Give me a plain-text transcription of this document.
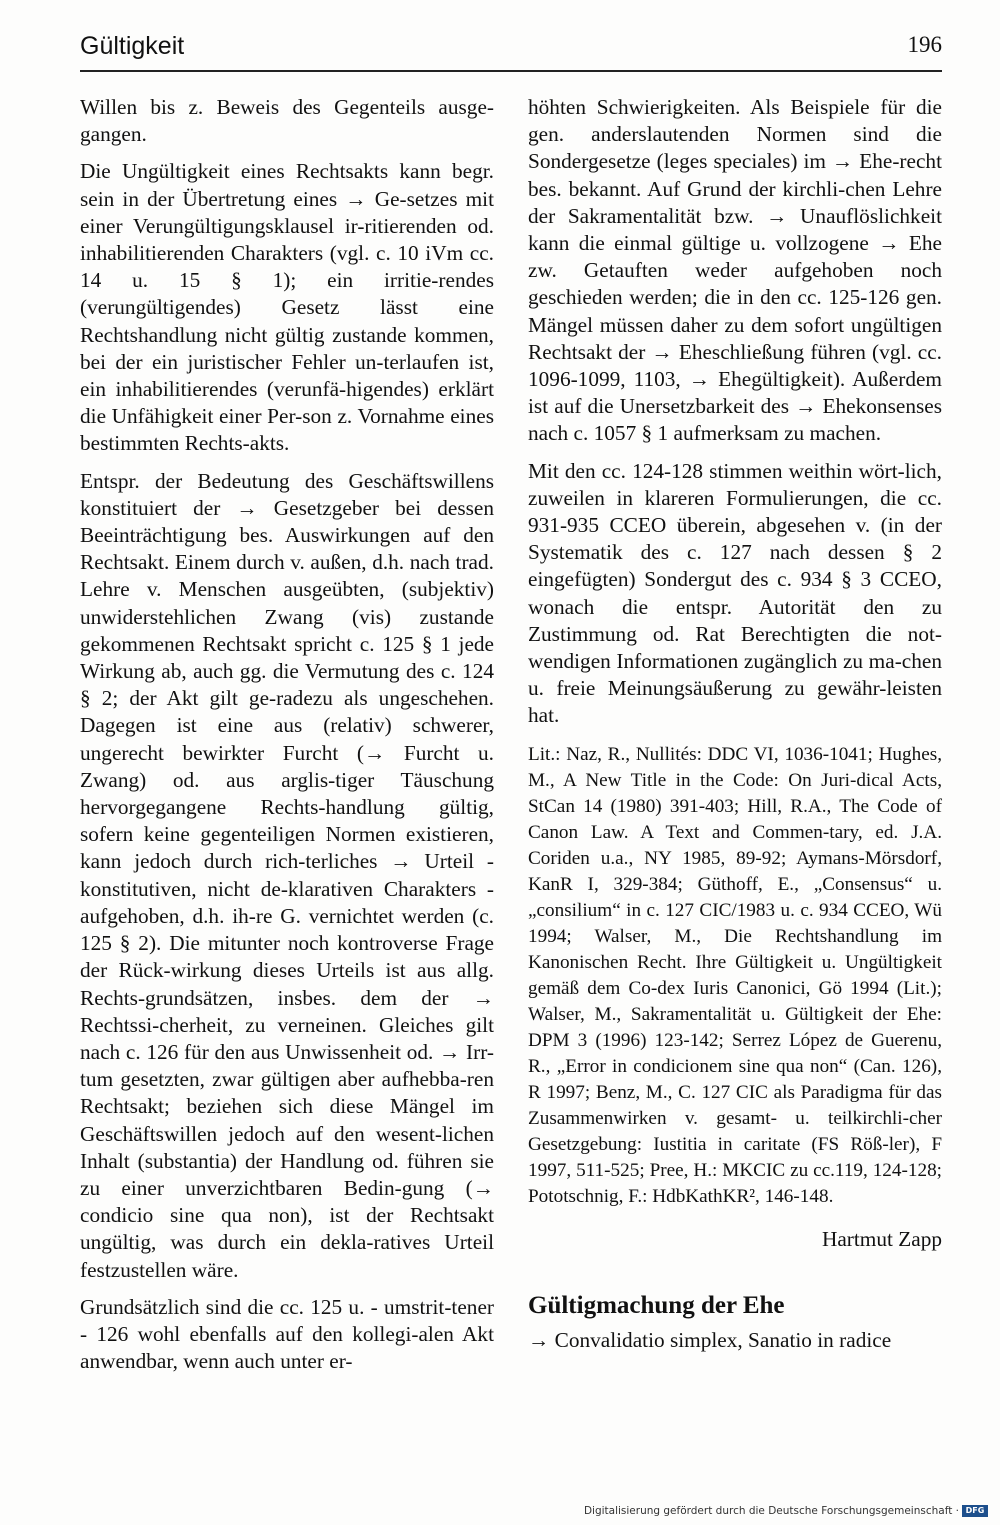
Gültigkeit	196

Willen bis z. Beweis des Gegenteils ausge-gangen.

Die Ungültigkeit eines Rechtsakts kann begr. sein in der Übertretung eines → Ge-setzes mit einer Verungültigungsklausel ir-ritierenden od. inhabilitierenden Charakters (vgl. c. 10 iVm cc. 14 u. 15 § 1); ein irritie-rendes (verungültigendes) Gesetz lässt eine Rechtshandlung nicht gültig zustande kommen, bei der ein juristischer Fehler un-terlaufen ist, ein inhabilitierendes (verunfä-higendes) erklärt die Unfähigkeit einer Per-son z. Vornahme eines bestimmten Rechts-akts.

Entspr. der Bedeutung des Geschäftswillens konstituiert der → Gesetzgeber bei dessen Beeinträchtigung bes. Auswirkungen auf den Rechtsakt. Einem durch v. außen, d.h. nach trad. Lehre v. Menschen ausgeübten, (subjektiv) unwiderstehlichen Zwang (vis) zustande gekommenen Rechtsakt spricht c. 125 § 1 jede Wirkung ab, auch gg. die Vermutung des c. 124 § 2; der Akt gilt ge-radezu als ungeschehen. Dagegen ist eine aus (relativ) schwerer, ungerecht bewirkter Furcht (→ Furcht u. Zwang) od. aus arglis-tiger Täuschung hervorgegangene Rechts-handlung gültig, sofern keine gegenteiligen Normen existieren, kann jedoch durch rich-terliches → Urteil - konstitutiven, nicht de-klarativen Charakters - aufgehoben, d.h. ih-re G. vernichtet werden (c. 125 § 2). Die mitunter noch kontroverse Frage der Rück-wirkung dieses Urteils ist aus allg. Rechts-grundsätzen, insbes. dem der → Rechtssi-cherheit, zu verneinen. Gleiches gilt nach c. 126 für den aus Unwissenheit od. → Irr-tum gesetzten, zwar gültigen aber aufhebba-ren Rechtsakt; beziehen sich diese Mängel im Geschäftswillen jedoch auf den wesent-lichen Inhalt (substantia) der Handlung od. führen sie zu einer unverzichtbaren Bedin-gung (→ condicio sine qua non), ist der Rechtsakt ungültig, was durch ein dekla-ratives Urteil festzustellen wäre.

Grundsätzlich sind die cc. 125 u. - umstrit-tener - 126 wohl ebenfalls auf den kollegi-alen Akt anwendbar, wenn auch unter er-

höhten Schwierigkeiten. Als Beispiele für die gen. anderslautenden Normen sind die Sondergesetze (leges speciales) im → Ehe-recht bes. bekannt. Auf Grund der kirchli-chen Lehre der Sakramentalität bzw. → Unauflöslichkeit kann die einmal gültige u. vollzogene → Ehe zw. Getauften weder aufgehoben noch geschieden werden; die in den cc. 125-126 gen. Mängel müssen daher zu dem sofort ungültigen Rechtsakt der → Eheschließung führen (vgl. cc. 1096-1099, 1103, → Ehegültigkeit). Außerdem ist auf die Unersetzbarkeit des → Ehekonsenses nach c. 1057 § 1 aufmerksam zu machen.

Mit den cc. 124-128 stimmen weithin wört-lich, zuweilen in klareren Formulierungen, die cc. 931-935 CCEO überein, abgesehen v. (in der Systematik des c. 127 nach dessen § 2 eingefügten) Sondergut des c. 934 § 3 CCEO, wonach die entspr. Autorität den zu Zustimmung od. Rat Berechtigten die not-wendigen Informationen zugänglich zu ma-chen u. freie Meinungsäußerung zu gewähr-leisten hat.

Lit.: Naz, R., Nullités: DDC VI, 1036-1041; Hughes, M., A New Title in the Code: On Juri-dical Acts, StCan 14 (1980) 391-403; Hill, R.A., The Code of Canon Law. A Text and Commen-tary, ed. J.A. Coriden u.a., NY 1985, 89-92; Aymans-Mörsdorf, KanR I, 329-384; Güthoff, E., „Consensus“ u. „consilium“ in c. 127 CIC/1983 u. c. 934 CCEO, Wü 1994; Walser, M., Die Rechtshandlung im Kanonischen Recht. Ihre Gültigkeit u. Ungültigkeit gemäß dem Co-dex Iuris Canonici, Gö 1994 (Lit.); Walser, M., Sakramentalität u. Gültigkeit der Ehe: DPM 3 (1996) 123-142; Serrez López de Guerenu, R., „Error in condicionem sine qua non“ (Can. 126), R 1997; Benz, M., C. 127 CIC als Paradigma für das Zusammenwirken v. gesamt- u. teilkirchli-cher Gesetzgebung: Iustitia in caritate (FS Röß-ler), F 1997, 511-525; Pree, H.: MKCIC zu cc.119, 124-128; Pototschnig, F.: HdbKathKR², 146-148.

Hartmut Zapp

Gültigmachung der Ehe

→ Convalidatio simplex, Sanatio in radice

Digitalisierung gefördert durch die Deutsche Forschungsgemeinschaft · DFG
